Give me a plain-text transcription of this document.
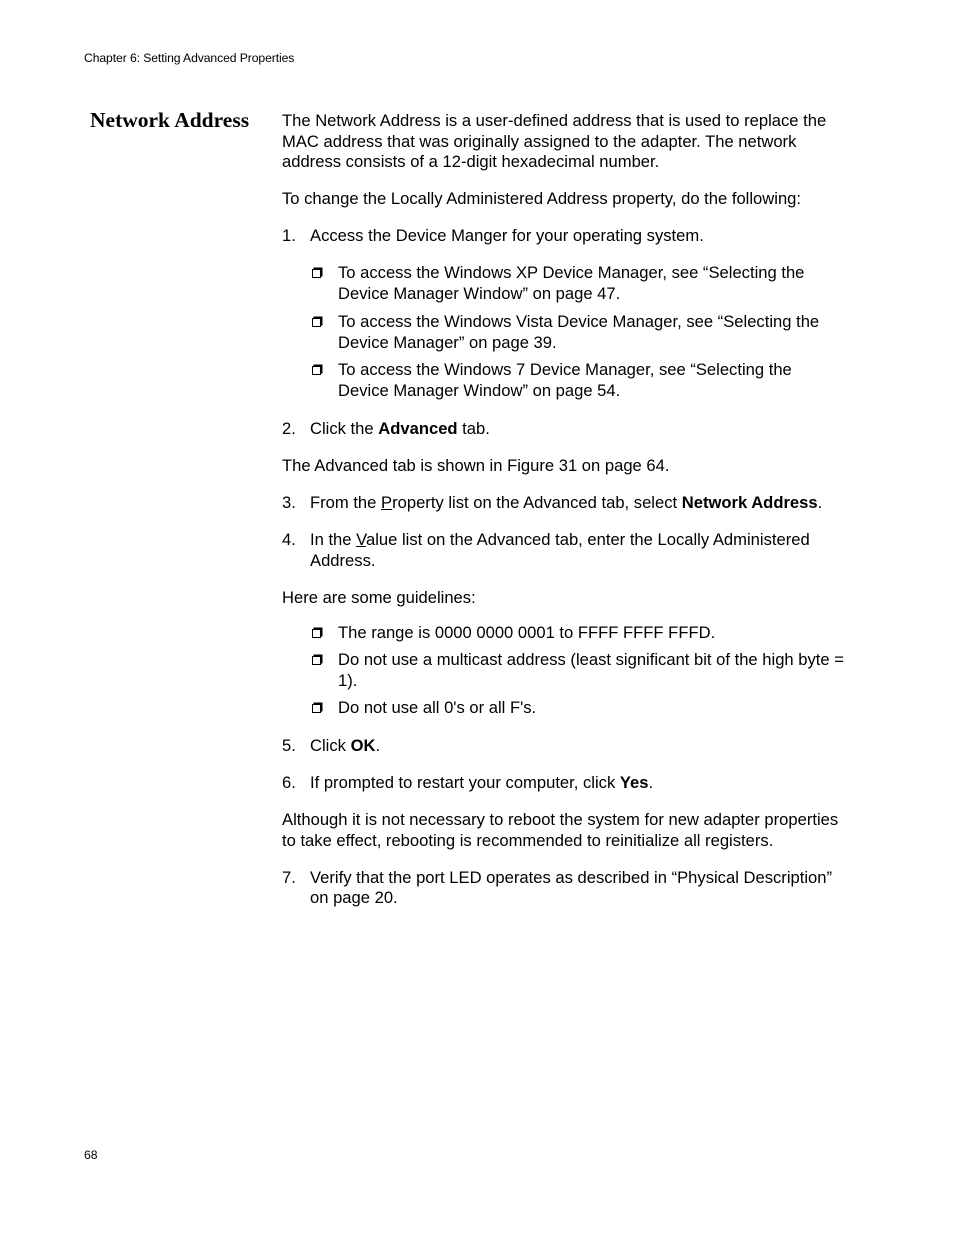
Chapter 6: Setting Advanced Properties
Network Address The Network Address is a user-defined address that is used to replace the MAC address that was originally assigned to the adapter. The network address consists of a 12-digit hexadecimal number.

To change the Locally Administered Address property, do the following:

1. Access the Device Manger for your operating system.
To access the Windows XP Device Manager, see “Selecting the Device Manager Window” on page 47.
To access the Windows Vista Device Manager, see “Selecting the Device Manager” on page 39.
To access the Windows 7 Device Manager, see “Selecting the Device Manager Window” on page 54.
2. Click the Advanced tab.

The Advanced tab is shown in Figure 31 on page 64.

3. From the Property list on the Advanced tab, select Network Address.
4. In the Value list on the Advanced tab, enter the Locally Administered Address.

Here are some guidelines:

The range is 0000 0000 0001 to FFFF FFFF FFFD.
Do not use a multicast address (least significant bit of the high byte = 1).
Do not use all 0's or all F's.
5. Click OK.
6. If prompted to restart your computer, click Yes.

Although it is not necessary to reboot the system for new adapter properties to take effect, rebooting is recommended to reinitialize all registers.

7. Verify that the port LED operates as described in “Physical Description” on page 20.
68
